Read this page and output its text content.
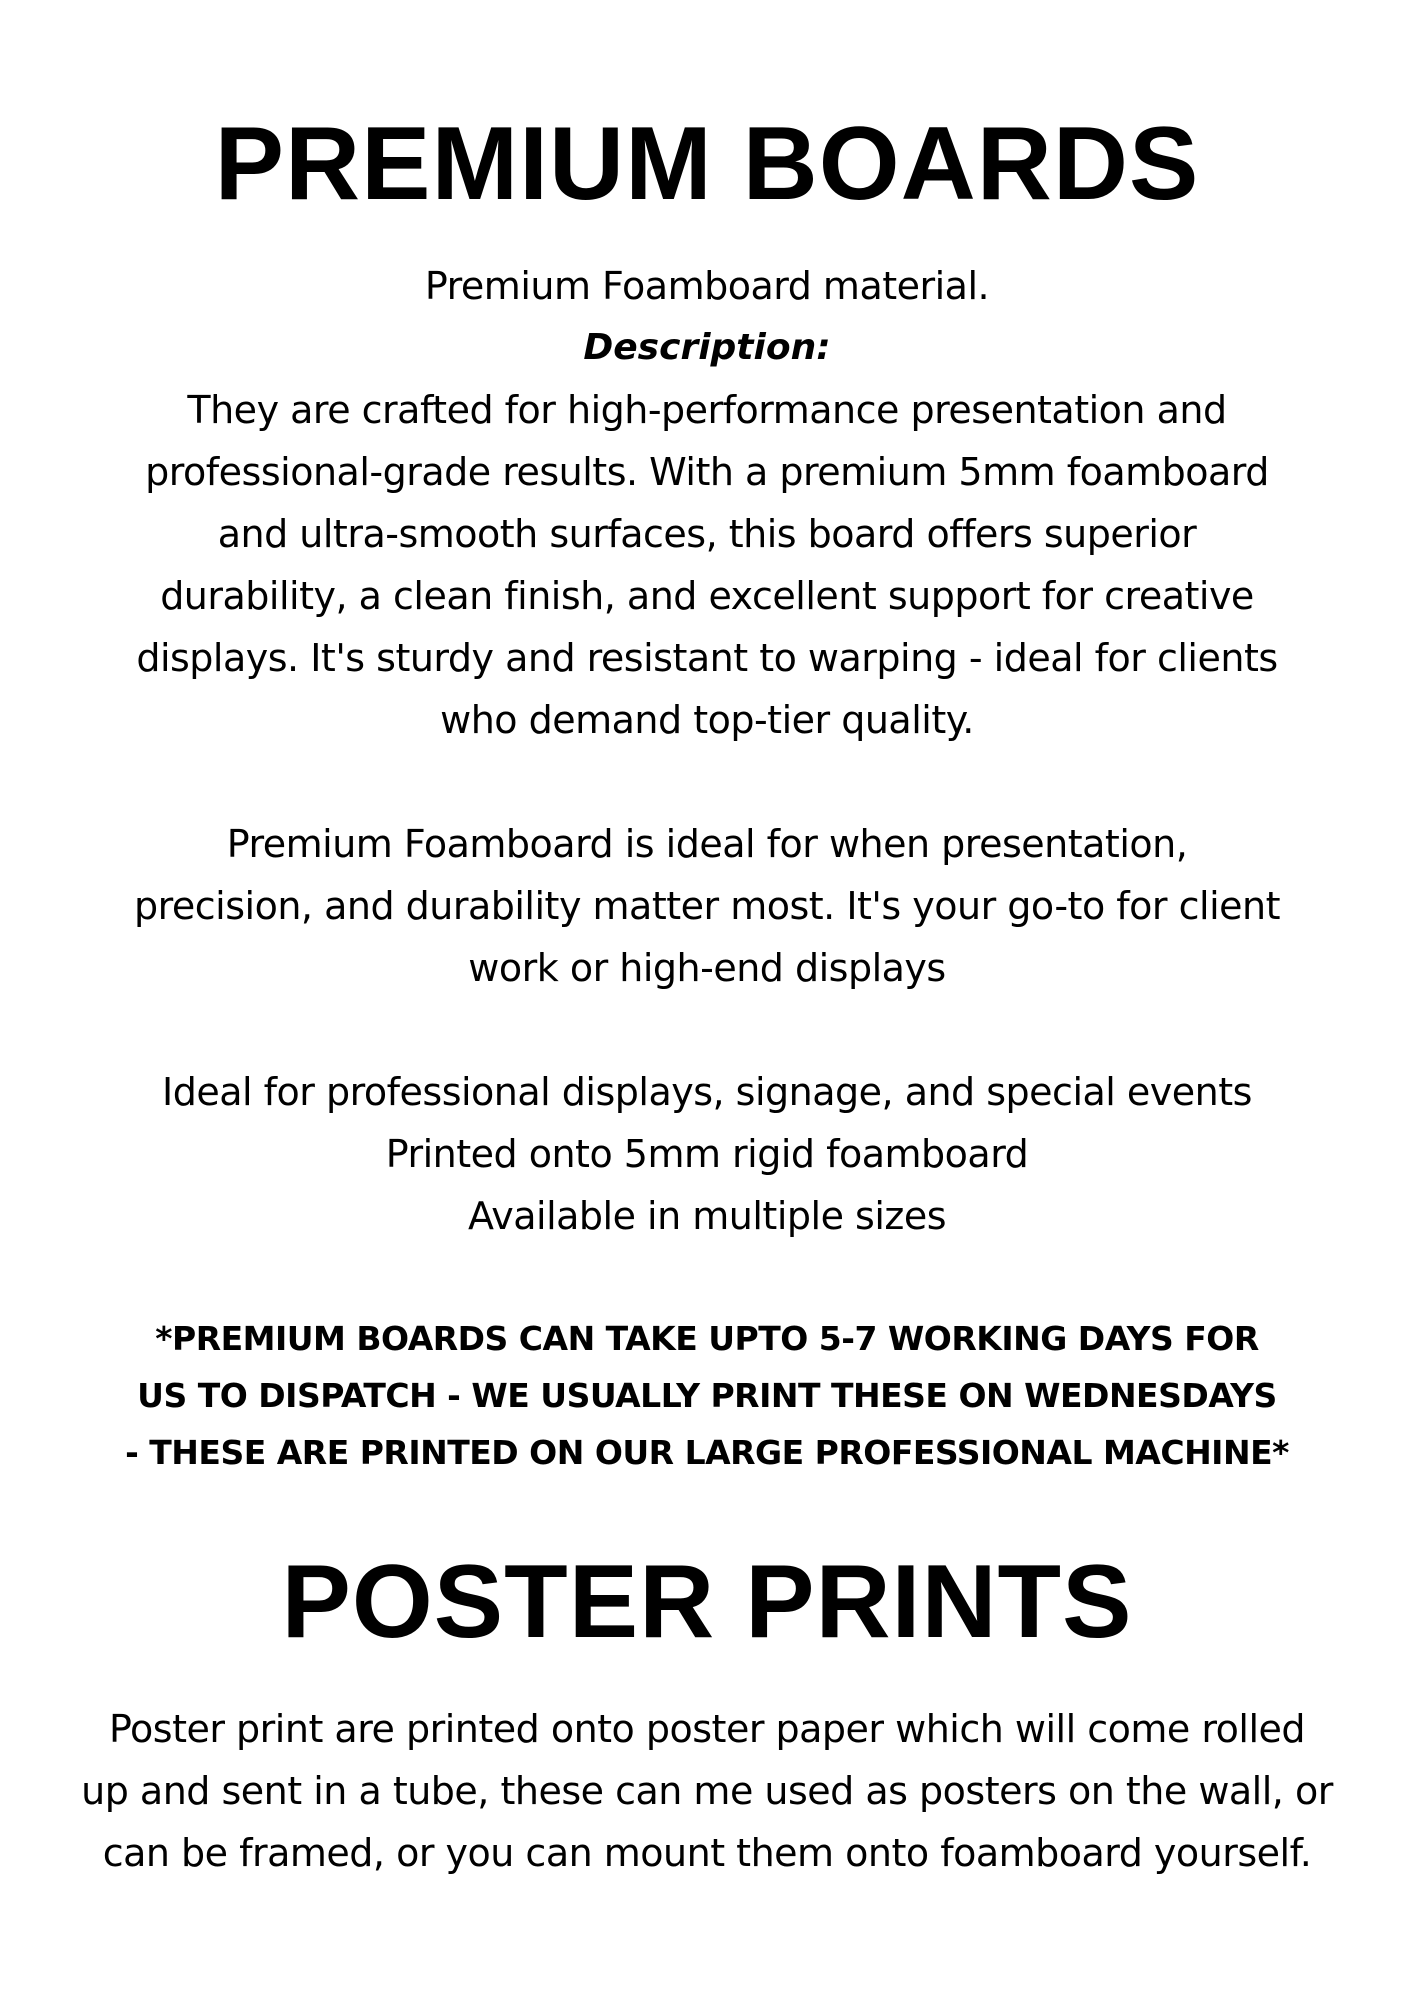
PREMIUM BOARDS

Premium Foamboard material.

Description:

They are crafted for high-performance presentation and
professional-grade results. With a premium 5mm foamboard
and ultra-smooth surfaces, this board offers superior
durability, a clean finish, and excellent support for creative
displays. It's sturdy and resistant to warping - ideal for clients
who demand top-tier quality.

Premium Foamboard is ideal for when presentation,
precision, and durability matter most. It's your go-to for client
work or high-end displays

Ideal for professional displays, signage, and special events
Printed onto 5mm rigid foamboard
Available in multiple sizes

*PREMIUM BOARDS CAN TAKE UPTO 5-7 WORKING DAYS FOR
US TO DISPATCH - WE USUALLY PRINT THESE ON WEDNESDAYS
- THESE ARE PRINTED ON OUR LARGE PROFESSIONAL MACHINE*

POSTER PRINTS

Poster print are printed onto poster paper which will come rolled
up and sent in a tube, these can me used as posters on the wall, or
can be framed, or you can mount them onto foamboard yourself.
